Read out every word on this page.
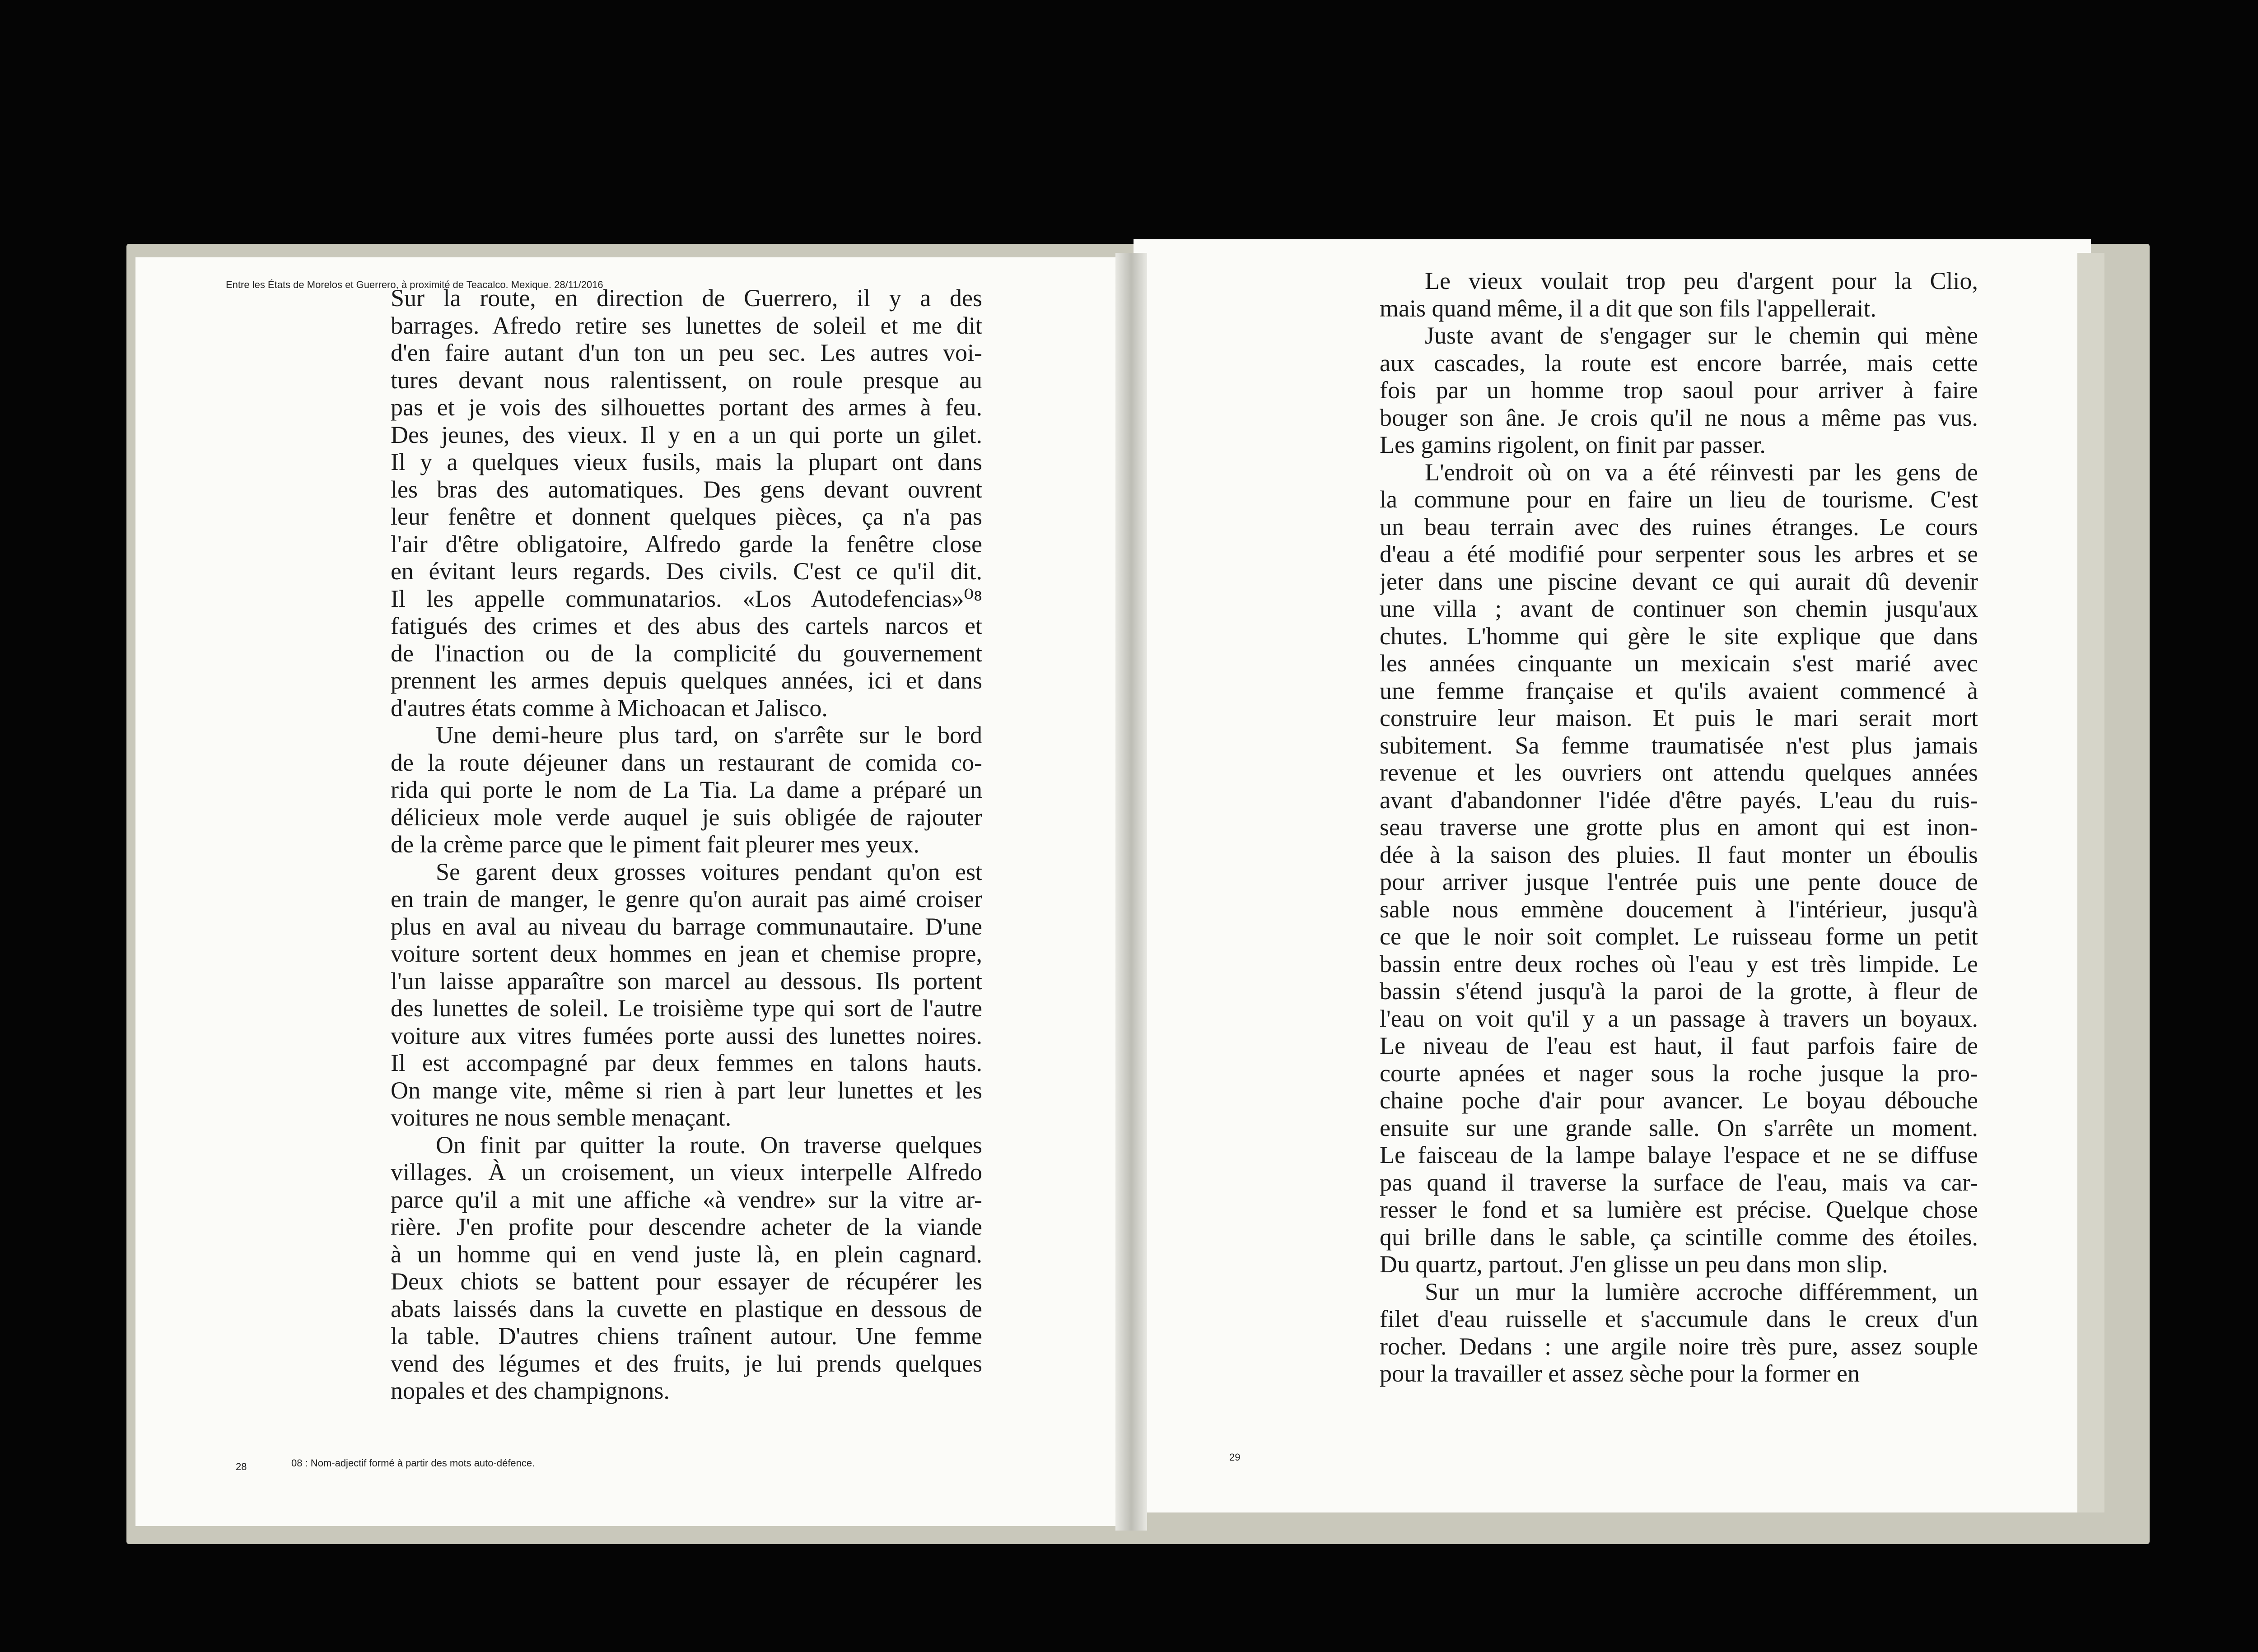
Entre les États de Morelos et Guerrero, à proximité de Teacalco. Mexique. 28/11/2016
Sur la route, en direction de Guerrero, il y a des
barrages. Afredo retire ses lunettes de soleil et me dit
d'en faire autant d'un ton un peu sec. Les autres voi-
tures devant nous ralentissent, on roule presque au
pas et je vois des silhouettes portant des armes à feu.
Des jeunes, des vieux. Il y en a un qui porte un gilet.
Il y a quelques vieux fusils, mais la plupart ont dans
les bras des automatiques. Des gens devant ouvrent
leur fenêtre et donnent quelques pièces, ça n'a pas
l'air d'être obligatoire, Alfredo garde la fenêtre close
en évitant leurs regards. Des civils. C'est ce qu'il dit.
Il les appelle communatarios. «Los Autodefencias»⁰⁸
fatigués des crimes et des abus des cartels narcos et
de l'inaction ou de la complicité du gouvernement
prennent les armes depuis quelques années, ici et dans
d'autres états comme à Michoacan et Jalisco.
Une demi-heure plus tard, on s'arrête sur le bord
de la route déjeuner dans un restaurant de comida co-
rida qui porte le nom de La Tia. La dame a préparé un
délicieux mole verde auquel je suis obligée de rajouter
de la crème parce que le piment fait pleurer mes yeux.
Se garent deux grosses voitures pendant qu'on est
en train de manger, le genre qu'on aurait pas aimé croiser
plus en aval au niveau du barrage communautaire. D'une
voiture sortent deux hommes en jean et chemise propre,
l'un laisse apparaître son marcel au dessous. Ils portent
des lunettes de soleil. Le troisième type qui sort de l'autre
voiture aux vitres fumées porte aussi des lunettes noires.
Il est accompagné par deux femmes en talons hauts.
On mange vite, même si rien à part leur lunettes et les
voitures ne nous semble menaçant.
On finit par quitter la route. On traverse quelques
villages. À un croisement, un vieux interpelle Alfredo
parce qu'il a mit une affiche «à vendre» sur la vitre ar-
rière. J'en profite pour descendre acheter de la viande
à un homme qui en vend juste là, en plein cagnard.
Deux chiots se battent pour essayer de récupérer les
abats laissés dans la cuvette en plastique en dessous de
la table. D'autres chiens traînent autour. Une femme
vend des légumes et des fruits, je lui prends quelques
nopales et des champignons.
28	08 : Nom-adjectif formé à partir des mots auto-défence.
Le vieux voulait trop peu d'argent pour la Clio,
mais quand même, il a dit que son fils l'appellerait.
Juste avant de s'engager sur le chemin qui mène
aux cascades, la route est encore barrée, mais cette
fois par un homme trop saoul pour arriver à faire
bouger son âne. Je crois qu'il ne nous a même pas vus.
Les gamins rigolent, on finit par passer.
L'endroit où on va a été réinvesti par les gens de
la commune pour en faire un lieu de tourisme. C'est
un beau terrain avec des ruines étranges. Le cours
d'eau a été modifié pour serpenter sous les arbres et se
jeter dans une piscine devant ce qui aurait dû devenir
une villa ; avant de continuer son chemin jusqu'aux
chutes. L'homme qui gère le site explique que dans
les années cinquante un mexicain s'est marié avec
une femme française et qu'ils avaient commencé à
construire leur maison. Et puis le mari serait mort
subitement. Sa femme traumatisée n'est plus jamais
revenue et les ouvriers ont attendu quelques années
avant d'abandonner l'idée d'être payés. L'eau du ruis-
seau traverse une grotte plus en amont qui est inon-
dée à la saison des pluies. Il faut monter un éboulis
pour arriver jusque l'entrée puis une pente douce de
sable nous emmène doucement à l'intérieur, jusqu'à
ce que le noir soit complet. Le ruisseau forme un petit
bassin entre deux roches où l'eau y est très limpide. Le
bassin s'étend jusqu'à la paroi de la grotte, à fleur de
l'eau on voit qu'il y a un passage à travers un boyaux.
Le niveau de l'eau est haut, il faut parfois faire de
courte apnées et nager sous la roche jusque la pro-
chaine poche d'air pour avancer. Le boyau débouche
ensuite sur une grande salle. On s'arrête un moment.
Le faisceau de la lampe balaye l'espace et ne se diffuse
pas quand il traverse la surface de l'eau, mais va car-
resser le fond et sa lumière est précise. Quelque chose
qui brille dans le sable, ça scintille comme des étoiles.
Du quartz, partout. J'en glisse un peu dans mon slip.
Sur un mur la lumière accroche différemment, un
filet d'eau ruisselle et s'accumule dans le creux d'un
rocher. Dedans : une argile noire très pure, assez souple
pour la travailler et assez sèche pour la former en
29
